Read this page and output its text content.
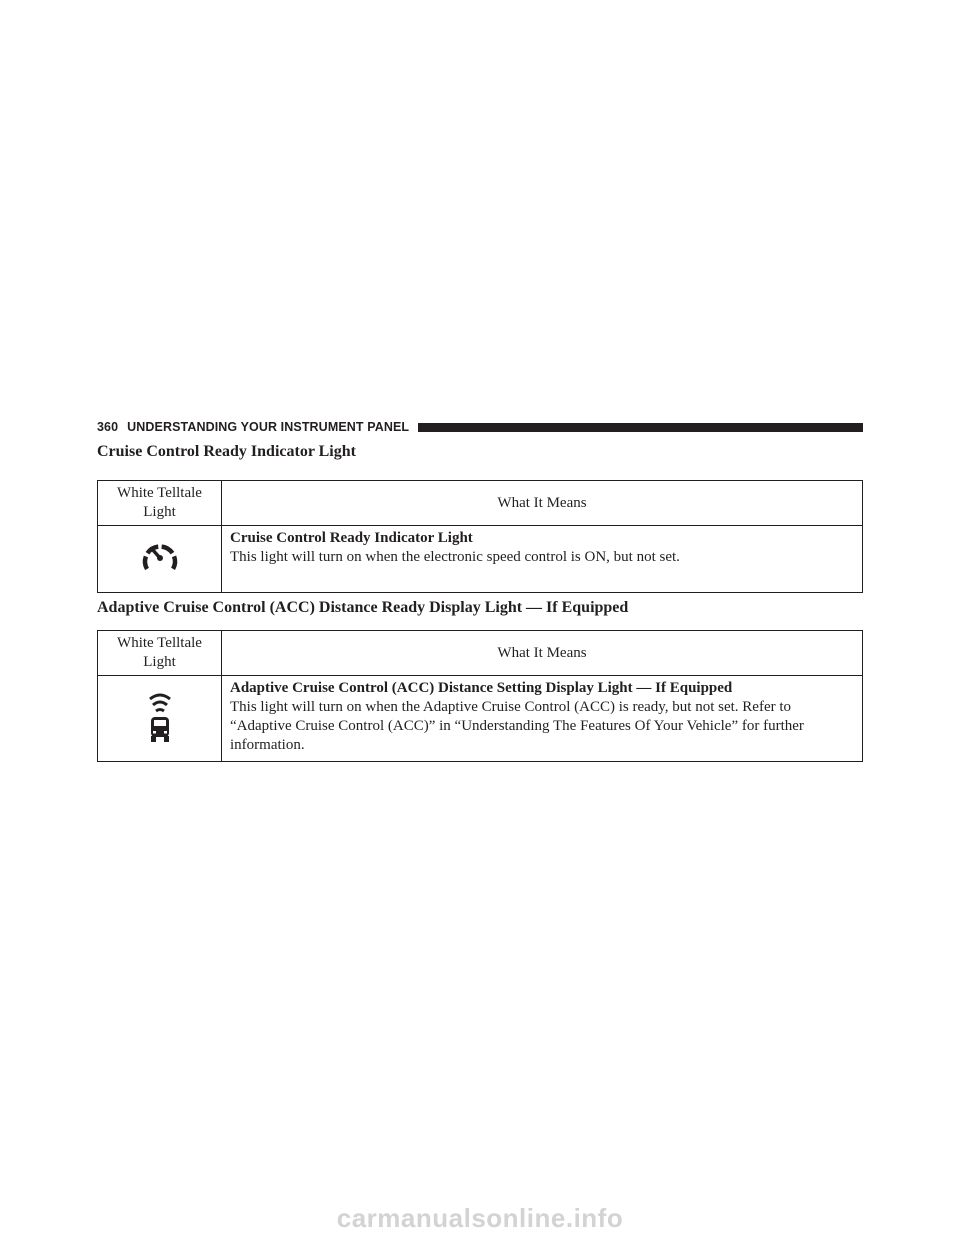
360 UNDERSTANDING YOUR INSTRUMENT PANEL
Cruise Control Ready Indicator Light
White Telltale Light	What It Means

Cruise Control Ready Indicator Light
This light will turn on when the electronic speed control is ON, but not set.
Adaptive Cruise Control (ACC) Distance Ready Display Light — If Equipped
White Telltale Light	What It Means

Adaptive Cruise Control (ACC) Distance Setting Display Light — If Equipped
This light will turn on when the Adaptive Cruise Control (ACC) is ready, but not set. Refer to “Adaptive Cruise Control (ACC)” in “Understanding The Features Of Your Vehicle” for further information.
carmanualsonline.info
